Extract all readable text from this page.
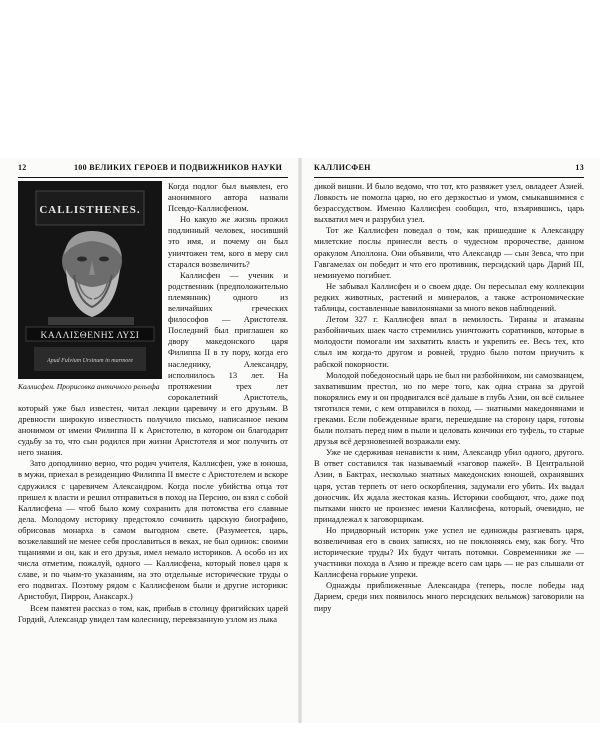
12	100 ВЕЛИКИХ ГЕРОЕВ И ПОДВИЖНИКОВ НАУКИ
CALLISTHENES.
ΚΑΛΛΙΣΘΕΝΗΣ ΛΥΣΙ
Apud Fulvium Ursinum in marmore
Каллисфен. Прорисовка античного рельефа

Когда подлог был выявлен, его анонимного автора назвали Псевдо-Каллисфеном.

Но какую же жизнь прожил подлинный человек, носивший это имя, и почему он был уничтожен тем, кого в меру сил старался возвеличить?

Каллисфен — ученик и родственник (предположительно племянник) одного из величайших греческих философов — Аристотеля. Последний был приглашен ко двору македонского царя Филиппа II в ту пору, когда его наследнику, Александру, исполнилось 13 лет. На протяжении трех лет сорокалетний Аристотель, который уже был известен, читал лекции царевичу и его друзьям. В древности широкую известность получило письмо, написанное неким анонимом от имени Филиппа II к Аристотелю, в котором он благодарит судьбу за то, что сын родился при жизни Аристотеля и мог получить от него знания.

Зато доподлинно верно, что родич учителя, Каллисфен, уже в юноша, в мужи, приехал в резиденцию Филиппа II вместе с Аристотелем и вскоре сдружился с царевичем Александром. Когда после убийства отца тот пришел к власти и решил отправиться в поход на Персию, он взял с собой Каллисфена — чтоб было кому сохранить для потомства его славные дела. Молодому историку предстояло сочинить царскую биографию, обрисовав монарха в самом выгодном свете. (Разумеется, царь, возжелавший не менее себя прославиться в веках, не был одинок: своими тщаниями и он, как и его друзья, имел немало историков. А особо из их числа отметим, пожалуй, одного — Каллисфена, который повел царя к славе, и по чьим-то указаниям, на это отдельные исторические труды о его подвигах. Поэтому рядом с Каллисфеном были и другие историки: Аристобул, Пиррон, Анаксарх.)

Всем памятен рассказ о том, как, прибыв в столицу фригийских царей Гордий, Александр увидел там колесницу, перевязанную узлом из лыка

КАЛЛИСФЕН	13

дикой вишни. И было ведомо, что тот, кто развяжет узел, овладеет Азией. Ловкость не помогла царю, но его дерзкостью и умом, смыкавшимися с безрассудством. Именно Каллисфен сообщил, что, взъярившись, царь выхватил меч и разрубил узел.

Тот же Каллисфен поведал о том, как пришедшие к Александру милетские послы принесли весть о чудесном пророчестве, данном оракулом Аполлона. Они объявили, что Александр — сын Зевса, что при Гавгамелах он победит и что его противник, персидский царь Дарий III, неминуемо погибнет.

Не забывал Каллисфен и о своем дяде. Он пересылал ему коллекции редких животных, растений и минералов, а также астрономические таблицы, составленные вавилонянами за много веков наблюдений.

Летом 327 г. Каллисфен впал в немилость. Тираны и атаманы разбойничьих шаек часто стремились уничтожить соратников, которые в молодости помогали им захватить власть и укрепить ее. Весь тех, кто слыл им когда-то другом и ровней, трудно было потом приучить к рабской покорности.

Молодой победоносный царь не был ни разбойником, ни самозванцем, захватившим престол, но по мере того, как одна страна за другой покорялись ему и он продвигался всё дальше в глубь Азии, он всё сильнее тяготился теми, с кем отправился в поход, — знатными македонянами и греками. Если побежденные враги, перешедшие на сторону царя, готовы были ползать перед ним в пыли и целовать кончики его туфель, то старые друзья всё дерзновенней возражали ему.

Уже не сдерживая ненависти к ним, Александр убил одного, другого. В ответ составился так называемый «заговор пажей». В Центральной Азии, в Бактрах, несколько знатных македонских юношей, охранявших царя, устав терпеть от него оскорбления, задумали его убить. Их выдал доносчик. Их ждала жестокая казнь. Историки сообщают, что, даже под пытками никто не произнес имени Каллисфена, который, очевидно, не принадлежал к заговорщикам.

Но придворный историк уже успел не единожды разгневать царя, возвеличивая его в своих записях, но не поклоняясь ему, как богу. Что исторические труды? Их будут читать потомки. Современники же — участники похода в Азию и прежде всего сам царь — не раз слышали от Каллисфена горькие упреки.

Однажды приближенные Александра (теперь, после победы над Дарием, среди них появилось много персидских вельмож) заговорили на пиру
